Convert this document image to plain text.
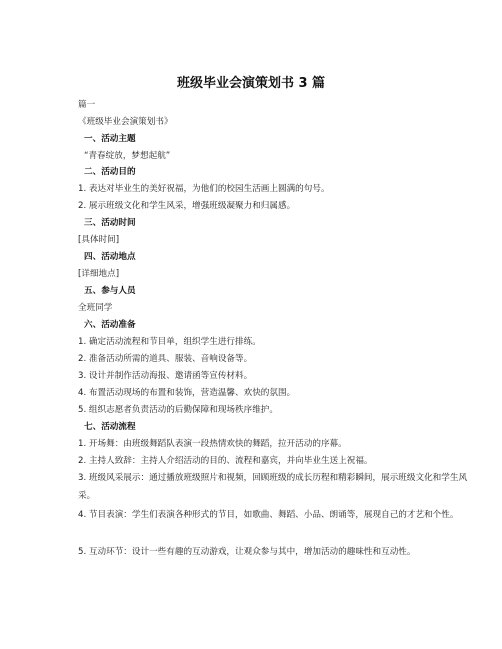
班级毕业会演策划书 3 篇
篇一
《班级毕业会演策划书》
一、活动主题
“青春绽放，梦想起航”
二、活动目的
1. 表达对毕业生的美好祝福，为他们的校园生活画上圆满的句号。
2. 展示班级文化和学生风采，增强班级凝聚力和归属感。
三、活动时间
[具体时间]
四、活动地点
[详细地点]
五、参与人员
全班同学
六、活动准备
1. 确定活动流程和节目单，组织学生进行排练。
2. 准备活动所需的道具、服装、音响设备等。
3. 设计并制作活动海报、邀请函等宣传材料。
4. 布置活动现场的布置和装饰，营造温馨、欢快的氛围。
5. 组织志愿者负责活动的后勤保障和现场秩序维护。
七、活动流程
1. 开场舞：由班级舞蹈队表演一段热情欢快的舞蹈，拉开活动的序幕。
2. 主持人致辞：主持人介绍活动的目的、流程和嘉宾，并向毕业生送上祝福。
3. 班级风采展示：通过播放班级照片和视频，回顾班级的成长历程和精彩瞬间，展示班级文化和学生风采。
4. 节目表演：学生们表演各种形式的节目，如歌曲、舞蹈、小品、朗诵等，展现自己的才艺和个性。
5. 互动环节：设计一些有趣的互动游戏，让观众参与其中，增加活动的趣味性和互动性。
